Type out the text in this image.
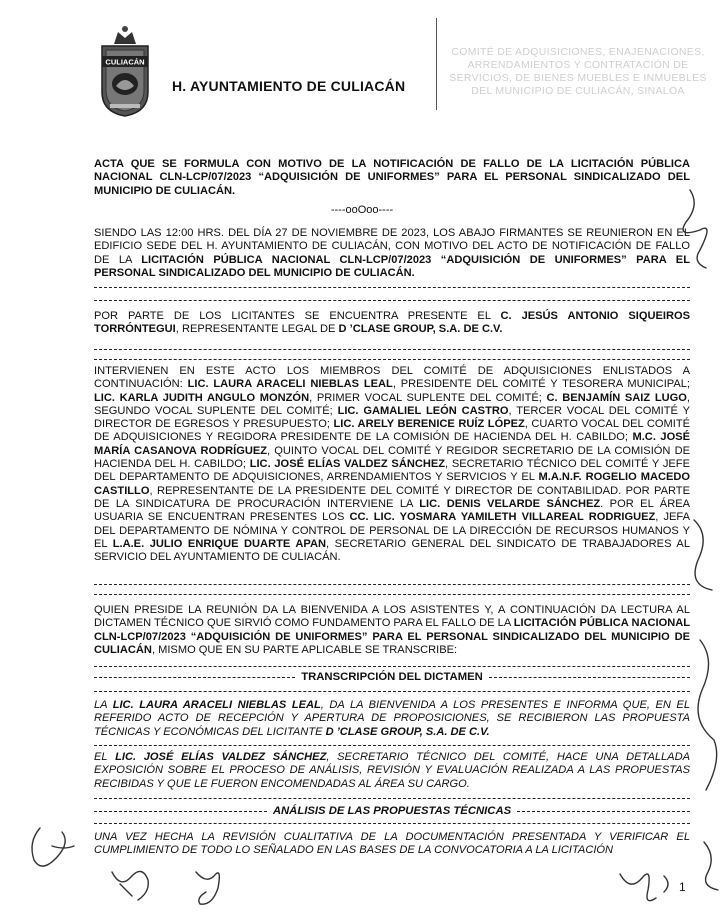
CULIACÁN
H. AYUNTAMIENTO DE CULIACÁN
COMITÉ DE ADQUISICIONES, ENAJENACIONES, ARRENDAMIENTOS Y CONTRATACIÓN DE SERVICIOS, DE BIENES MUEBLES E INMUEBLES DEL MUNICIPIO DE CULIACÁN, SINALOA
ACTA QUE SE FORMULA CON MOTIVO DE LA NOTIFICACIÓN DE FALLO DE LA LICITACIÓN PÚBLICA NACIONAL CLN-LCP/07/2023 “ADQUISICIÓN DE UNIFORMES” PARA EL PERSONAL SINDICALIZADO DEL MUNICIPIO DE CULIACÁN.
----ooOoo----
SIENDO LAS 12:00 HRS. DEL DÍA 27 DE NOVIEMBRE DE 2023, LOS ABAJO FIRMANTES SE REUNIERON EN EL EDIFICIO SEDE DEL H. AYUNTAMIENTO DE CULIACÁN, CON MOTIVO DEL ACTO DE NOTIFICACIÓN DE FALLO DE LA LICITACIÓN PÚBLICA NACIONAL CLN-LCP/07/2023 “ADQUISICIÓN DE UNIFORMES” PARA EL PERSONAL SINDICALIZADO DEL MUNICIPIO DE CULIACÁN.
POR PARTE DE LOS LICITANTES SE ENCUENTRA PRESENTE EL C. JESÚS ANTONIO SIQUEIROS TORRÓNTEGUI, REPRESENTANTE LEGAL DE D ’CLASE GROUP, S.A. DE C.V.
INTERVIENEN EN ESTE ACTO LOS MIEMBROS DEL COMITÉ DE ADQUISICIONES ENLISTADOS A CONTINUACIÓN: LIC. LAURA ARACELI NIEBLAS LEAL, PRESIDENTE DEL COMITÉ Y TESORERA MUNICIPAL; LIC. KARLA JUDITH ANGULO MONZÓN, PRIMER VOCAL SUPLENTE DEL COMITÉ; C. BENJAMÍN SAIZ LUGO, SEGUNDO VOCAL SUPLENTE DEL COMITÉ; LIC. GAMALIEL LEÓN CASTRO, TERCER VOCAL DEL COMITÉ Y DIRECTOR DE EGRESOS Y PRESUPUESTO; LIC. ARELY BERENICE RUÍZ LÓPEZ, CUARTO VOCAL DEL COMITÉ DE ADQUISICIONES Y REGIDORA PRESIDENTE DE LA COMISIÓN DE HACIENDA DEL H. CABILDO; M.C. JOSÉ MARÍA CASANOVA RODRÍGUEZ, QUINTO VOCAL DEL COMITÉ Y REGIDOR SECRETARIO DE LA COMISIÓN DE HACIENDA DEL H. CABILDO; LIC. JOSÉ ELÍAS VALDEZ SÁNCHEZ, SECRETARIO TÉCNICO DEL COMITÉ Y JEFE DEL DEPARTAMENTO DE ADQUISICIONES, ARRENDAMIENTOS Y SERVICIOS Y EL M.A.N.F. ROGELIO MACEDO CASTILLO, REPRESENTANTE DE LA PRESIDENTE DEL COMITÉ Y DIRECTOR DE CONTABILIDAD. POR PARTE DE LA SINDICATURA DE PROCURACIÓN INTERVIENE LA LIC. DENIS VELARDE SÁNCHEZ. POR EL ÁREA USUARIA SE ENCUENTRAN PRESENTES LOS CC. LIC. YOSMARA YAMILETH VILLAREAL RODRIGUEZ, JEFA DEL DEPARTAMENTO DE NÓMINA Y CONTROL DE PERSONAL DE LA DIRECCIÓN DE RECURSOS HUMANOS Y EL L.A.E. JULIO ENRIQUE DUARTE APAN, SECRETARIO GENERAL DEL SINDICATO DE TRABAJADORES AL SERVICIO DEL AYUNTAMIENTO DE CULIACÁN.
QUIEN PRESIDE LA REUNIÓN DA LA BIENVENIDA A LOS ASISTENTES Y, A CONTINUACIÓN DA LECTURA AL DICTAMEN TÉCNICO QUE SIRVIÓ COMO FUNDAMENTO PARA EL FALLO DE LA LICITACIÓN PÚBLICA NACIONAL CLN-LCP/07/2023 “ADQUISICIÓN DE UNIFORMES” PARA EL PERSONAL SINDICALIZADO DEL MUNICIPIO DE CULIACÁN, MISMO QUE EN SU PARTE APLICABLE SE TRANSCRIBE:
TRANSCRIPCIÓN DEL DICTAMEN
LA LIC. LAURA ARACELI NIEBLAS LEAL, DA LA BIENVENIDA A LOS PRESENTES E INFORMA QUE, EN EL REFERIDO ACTO DE RECEPCIÓN Y APERTURA DE PROPOSICIONES, SE RECIBIERON LAS PROPUESTA TÉCNICAS Y ECONÓMICAS DEL LICITANTE D ’CLASE GROUP, S.A. DE C.V.
EL LIC. JOSÉ ELÍAS VALDEZ SÁNCHEZ, SECRETARIO TÉCNICO DEL COMITÉ, HACE UNA DETALLADA EXPOSICIÓN SOBRE EL PROCESO DE ANÁLISIS, REVISIÓN Y EVALUACIÓN REALIZADA A LAS PROPUESTAS RECIBIDAS Y QUE LE FUERON ENCOMENDADAS AL ÁREA SU CARGO.
ANÁLISIS DE LAS PROPUESTAS TÉCNICAS
UNA VEZ HECHA LA REVISIÓN CUALITATIVA DE LA DOCUMENTACIÓN PRESENTADA Y VERIFICAR EL CUMPLIMIENTO DE TODO LO SEÑALADO EN LAS BASES DE LA CONVOCATORIA A LA LICITACIÓN
1
